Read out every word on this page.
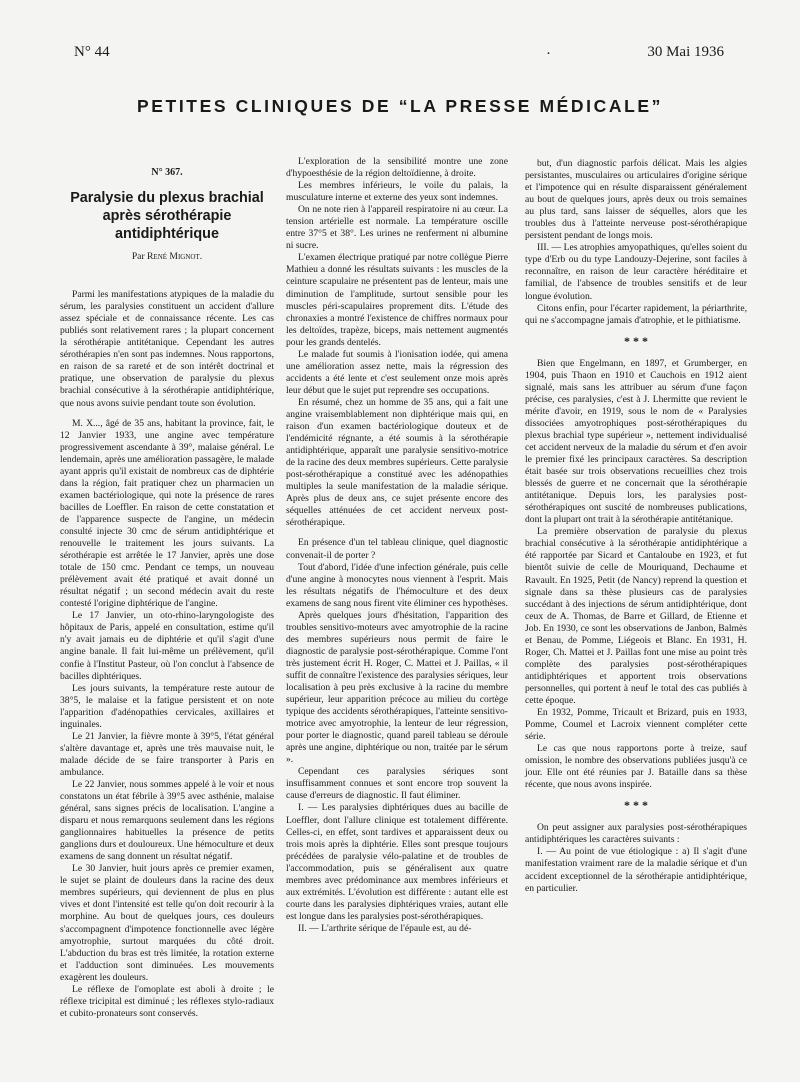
N° 44	·	30 Mai 1936
PETITES CLINIQUES DE “LA PRESSE MÉDICALE”

N° 367.

Paralysie du plexus brachial après sérothérapie antidiphtérique

Par René Mignot.

Parmi les manifestations atypiques de la maladie du sérum, les paralysies constituent un accident d'allure assez spéciale et de connaissance récente. Les cas publiés sont relativement rares ; la plupart concernent la sérothérapie antitétanique. Cependant les autres sérothérapies n'en sont pas indemnes. Nous rapportons, en raison de sa rareté et de son intérêt doctrinal et pratique, une observation de paralysie du plexus brachial consécutive à la sérothérapie antidiphtérique, que nous avons suivie pendant toute son évolution.

M. X..., âgé de 35 ans, habitant la province, fait, le 12 Janvier 1933, une angine avec température progressivement ascendante à 39°, malaise général. Le lendemain, après une amélioration passagère, le malade ayant appris qu'il existait de nombreux cas de diphtérie dans la région, fait pratiquer chez un pharmacien un examen bactériologique, qui note la présence de rares bacilles de Loeffler. En raison de cette constatation et de l'apparence suspecte de l'angine, un médecin consulté injecte 30 cmc de sérum antidiphtérique et renouvelle le traitement les jours suivants. La sérothérapie est arrêtée le 17 Janvier, après une dose totale de 150 cmc. Pendant ce temps, un nouveau prélèvement avait été pratiqué et avait donné un résultat négatif ; un second médecin avait du reste contesté l'origine diphtérique de l'angine.

Le 17 Janvier, un oto-rhino-laryngologiste des hôpitaux de Paris, appelé en consultation, estime qu'il n'y avait jamais eu de diphtérie et qu'il s'agit d'une angine banale. Il fait lui-même un prélèvement, qu'il confie à l'Institut Pasteur, où l'on conclut à l'absence de bacilles diphtériques.

Les jours suivants, la température reste autour de 38°5, le malaise et la fatigue persistent et on note l'apparition d'adénopathies cervicales, axillaires et inguinales.

Le 21 Janvier, la fièvre monte à 39°5, l'état général s'altère davantage et, après une très mauvaise nuit, le malade décide de se faire transporter à Paris en ambulance.

Le 22 Janvier, nous sommes appelé à le voir et nous constatons un état fébrile à 39°5 avec asthénie, malaise général, sans signes précis de localisation. L'angine a disparu et nous remarquons seulement dans les régions ganglionnaires habituelles la présence de petits ganglions durs et douloureux. Une hémoculture et deux examens de sang donnent un résultat négatif.

Le 30 Janvier, huit jours après ce premier examen, le sujet se plaint de douleurs dans la racine des deux membres supérieurs, qui deviennent de plus en plus vives et dont l'intensité est telle qu'on doit recourir à la morphine. Au bout de quelques jours, ces douleurs s'accompagnent d'impotence fonctionnelle avec légère amyotrophie, surtout marquées du côté droit. L'abduction du bras est très limitée, la rotation externe et l'adduction sont diminuées. Les mouvements exagèrent les douleurs.

Le réflexe de l'omoplate est aboli à droite ; le réflexe tricipital est diminué ; les réflexes stylo-radiaux et cubito-pronateurs sont conservés.

L'exploration de la sensibilité montre une zone d'hypoesthésie de la région deltoïdienne, à droite.

Les membres inférieurs, le voile du palais, la musculature interne et externe des yeux sont indemnes.

On ne note rien à l'appareil respiratoire ni au cœur. La tension artérielle est normale. La température oscille entre 37°5 et 38°. Les urines ne renferment ni albumine ni sucre.

L'examen électrique pratiqué par notre collègue Pierre Mathieu a donné les résultats suivants : les muscles de la ceinture scapulaire ne présentent pas de lenteur, mais une diminution de l'amplitude, surtout sensible pour les muscles péri-scapulaires proprement dits. L'étude des chronaxies a montré l'existence de chiffres normaux pour les deltoïdes, trapèze, biceps, mais nettement augmentés pour les grands dentelés.

Le malade fut soumis à l'ionisation iodée, qui amena une amélioration assez nette, mais la régression des accidents a été lente et c'est seulement onze mois après leur début que le sujet put reprendre ses occupations.

En résumé, chez un homme de 35 ans, qui a fait une angine vraisemblablement non diphtérique mais qui, en raison d'un examen bactériologique douteux et de l'endémicité régnante, a été soumis à la sérothérapie antidiphtérique, apparaît une paralysie sensitivo-motrice de la racine des deux membres supérieurs. Cette paralysie post-sérothérapique a constitué avec les adénopathies multiples la seule manifestation de la maladie sérique. Après plus de deux ans, ce sujet présente encore des séquelles atténuées de cet accident nerveux post-sérothérapique.

En présence d'un tel tableau clinique, quel diagnostic convenait-il de porter ?

Tout d'abord, l'idée d'une infection générale, puis celle d'une angine à monocytes nous viennent à l'esprit. Mais les résultats négatifs de l'hémoculture et des deux examens de sang nous firent vite éliminer ces hypothèses.

Après quelques jours d'hésitation, l'apparition des troubles sensitivo-moteurs avec amyotrophie de la racine des membres supérieurs nous permit de faire le diagnostic de paralysie post-sérothérapique. Comme l'ont très justement écrit H. Roger, C. Mattei et J. Paillas, « il suffit de connaître l'existence des paralysies sériques, leur localisation à peu près exclusive à la racine du membre supérieur, leur apparition précoce au milieu du cortège typique des accidents sérothérapiques, l'atteinte sensitivo-motrice avec amyotrophie, la lenteur de leur régression, pour porter le diagnostic, quand pareil tableau se déroule après une angine, diphtérique ou non, traitée par le sérum ».

Cependant ces paralysies sériques sont insuffisamment connues et sont encore trop souvent la cause d'erreurs de diagnostic. Il faut éliminer.

I. — Les paralysies diphtériques dues au bacille de Loeffler, dont l'allure clinique est totalement différente. Celles-ci, en effet, sont tardives et apparaissent deux ou trois mois après la diphtérie. Elles sont presque toujours précédées de paralysie vélo-palatine et de troubles de l'accommodation, puis se généralisent aux quatre membres avec prédominance aux membres inférieurs et aux extrémités. L'évolution est différente : autant elle est courte dans les paralysies diphtériques vraies, autant elle est longue dans les paralysies post-sérothérapiques.

II. — L'arthrite sérique de l'épaule est, au dé-

but, d'un diagnostic parfois délicat. Mais les algies persistantes, musculaires ou articulaires d'origine sérique et l'impotence qui en résulte disparaissent généralement au bout de quelques jours, après deux ou trois semaines au plus tard, sans laisser de séquelles, alors que les troubles dus à l'atteinte nerveuse post-sérothérapique persistent pendant de longs mois.

III. — Les atrophies amyopathiques, qu'elles soient du type d'Erb ou du type Landouzy-Dejerine, sont faciles à reconnaître, en raison de leur caractère héréditaire et familial, de l'absence de troubles sensitifs et de leur longue évolution.

Citons enfin, pour l'écarter rapidement, la périarthrite, qui ne s'accompagne jamais d'atrophie, et le pithiatisme.

* * *

Bien que Engelmann, en 1897, et Grumberger, en 1904, puis Thaon en 1910 et Cauchois en 1912 aient signalé, mais sans les attribuer au sérum d'une façon précise, ces paralysies, c'est à J. Lhermitte que revient le mérite d'avoir, en 1919, sous le nom de « Paralysies dissociées amyotrophiques post-sérothérapiques du plexus brachial type supérieur », nettement individualisé cet accident nerveux de la maladie du sérum et d'en avoir le premier fixé les principaux caractères. Sa description était basée sur trois observations recueillies chez trois blessés de guerre et ne concernait que la sérothérapie antitétanique. Depuis lors, les paralysies post-sérothérapiques ont suscité de nombreuses publications, dont la plupart ont trait à la sérothérapie antitétanique.

La première observation de paralysie du plexus brachial consécutive à la sérothérapie antidiphtérique a été rapportée par Sicard et Cantaloube en 1923, et fut bientôt suivie de celle de Mouriquand, Dechaume et Ravault. En 1925, Petit (de Nancy) reprend la question et signale dans sa thèse plusieurs cas de paralysies succédant à des injections de sérum antidiphtérique, dont ceux de A. Thomas, de Barre et Gillard, de Etienne et Job. En 1930, ce sont les observations de Janbon, Balmès et Benau, de Pomme, Liégeois et Blanc. En 1931, H. Roger, Ch. Mattei et J. Paillas font une mise au point très complète des paralysies post-sérothérapiques antidiphtériques et apportent trois observations personnelles, qui portent à neuf le total des cas publiés à cette époque.

En 1932, Pomme, Tricault et Brizard, puis en 1933, Pomme, Coumel et Lacroix viennent compléter cette série.

Le cas que nous rapportons porte à treize, sauf omission, le nombre des observations publiées jusqu'à ce jour. Elle ont été réunies par J. Bataille dans sa thèse récente, que nous avons inspirée.

* * *

On peut assigner aux paralysies post-sérothérapiques antidiphtériques les caractères suivants :

I. — Au point de vue étiologique : a) Il s'agit d'une manifestation vraiment rare de la maladie sérique et d'un accident exceptionnel de la sérothérapie antidiphtérique, en particulier.
